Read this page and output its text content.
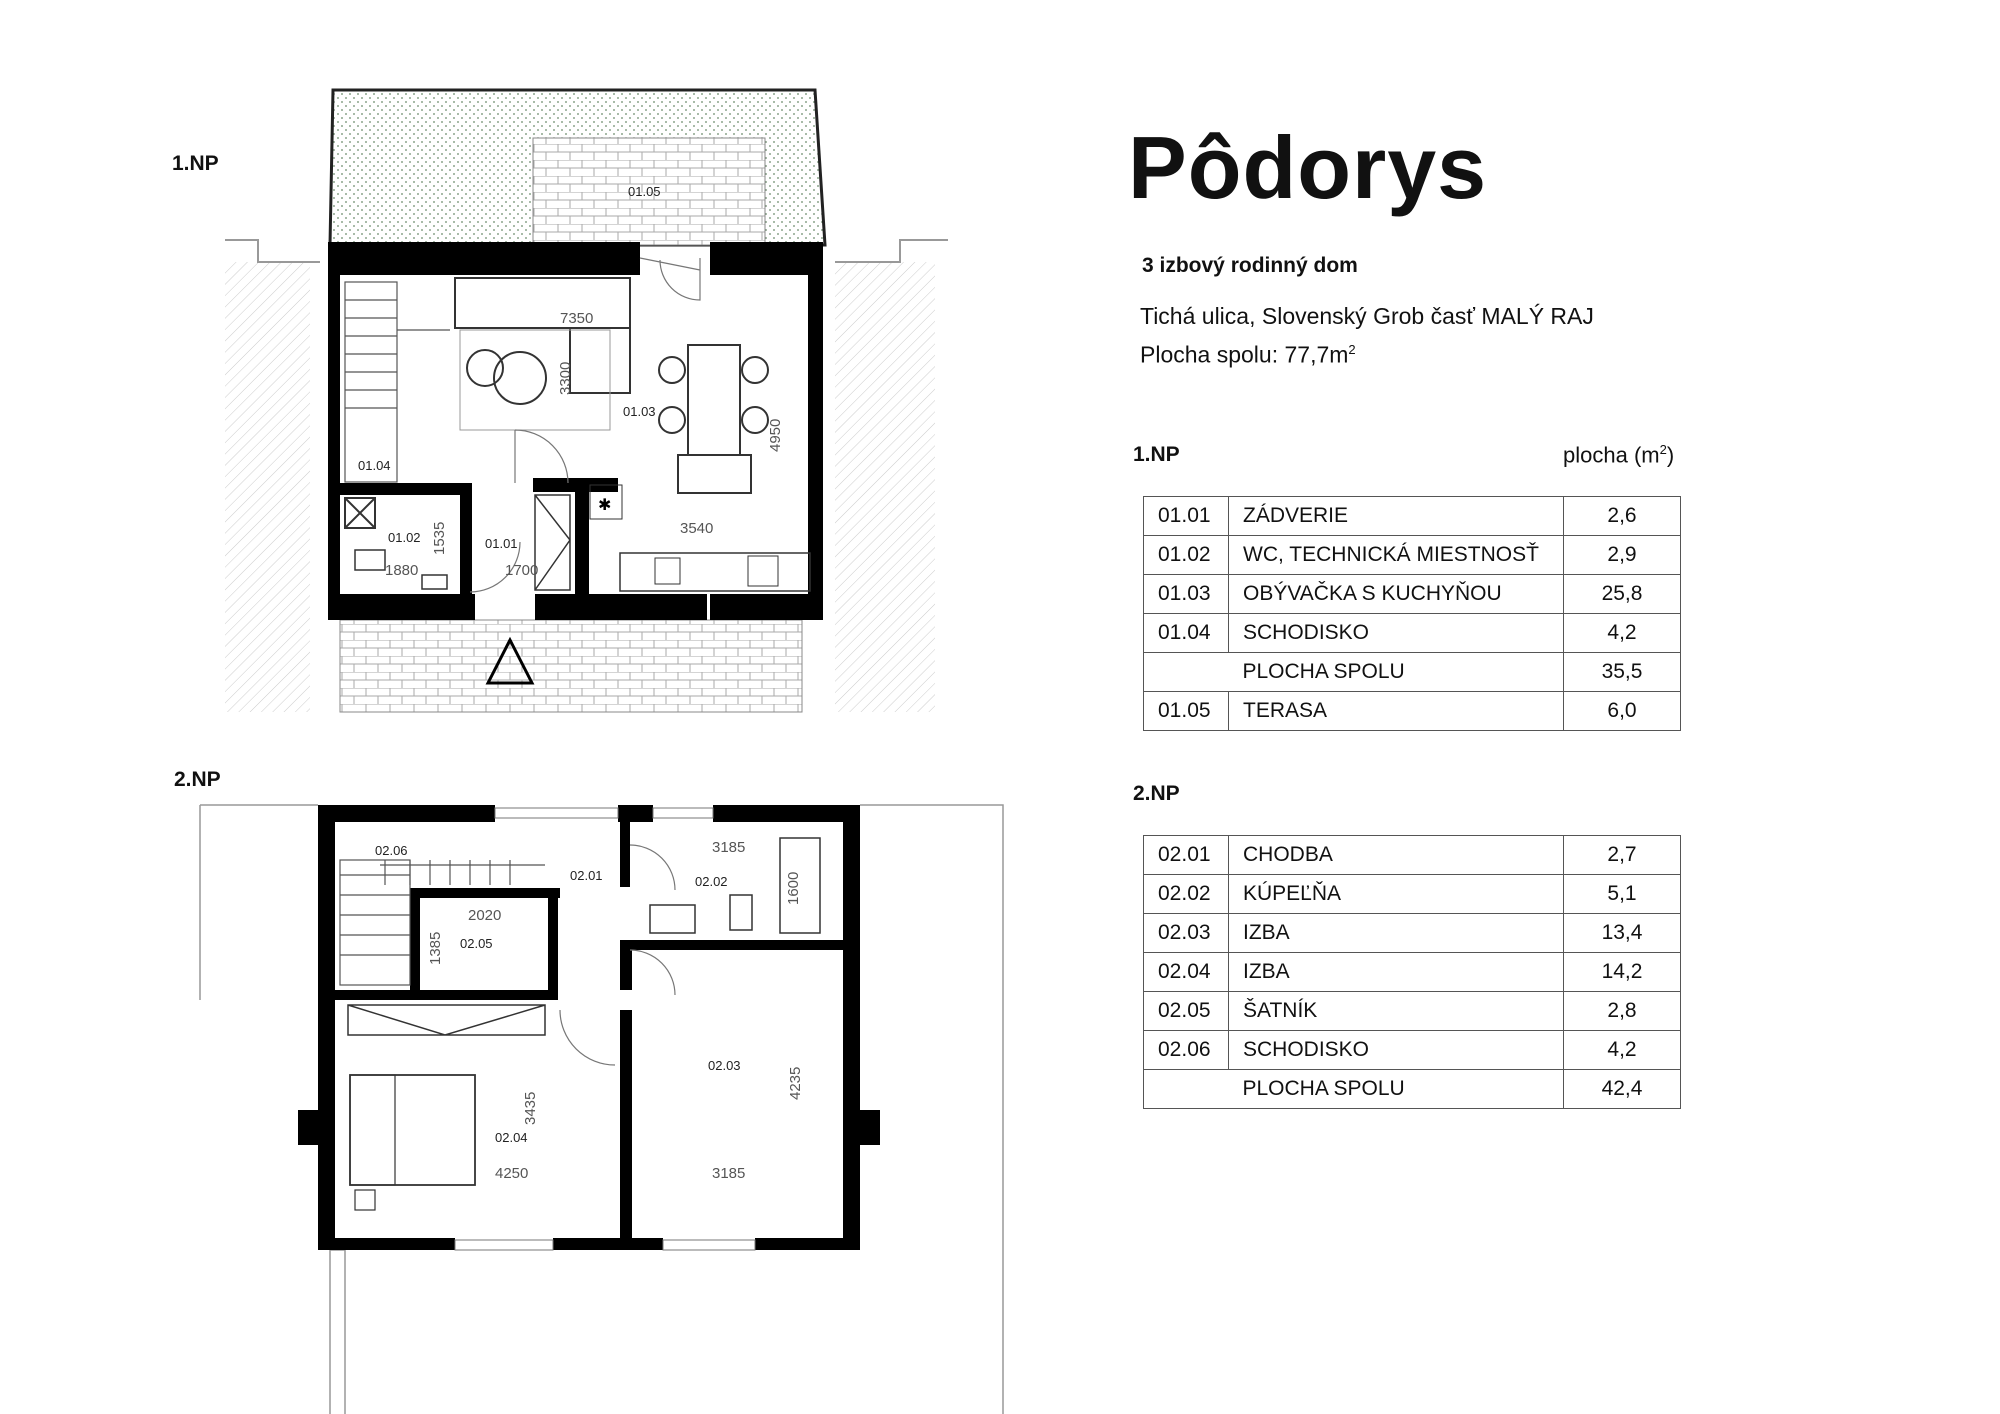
✱
01.01
01.02
01.03
01.04
01.05
7350
3300
4950
3540
1535
1880	1700
02.01	02.02
02.03
02.04
02.05
02.06	3185
1600
2020
1385
3435
4235
4250	3185
1.NP
2.NP
Pôdorys
3 izbový rodinný dom
Tichá ulica, Slovenský Grob časť MALÝ RAJ
Plocha spolu: $77,7m^2$
1.NP	plocha $(m^2)$
01.01	ZÁDVERIE	2,6
01.02	WC, TECHNICKÁ MIESTNOSŤ	2,9
01.03	OBÝVAČKA S KUCHYŇOU	25,8
01.04	SCHODISKO	4,2
	PLOCHA SPOLU	35,5
01.05	TERASA	6,0
2.NP
02.01	CHODBA	2,7
02.02	KÚPEĽŇA	5,1
02.03	IZBA	13,4
02.04	IZBA	14,2
02.05	ŠATNÍK	2,8
02.06	SCHODISKO	4,2
	PLOCHA SPOLU	42,4
